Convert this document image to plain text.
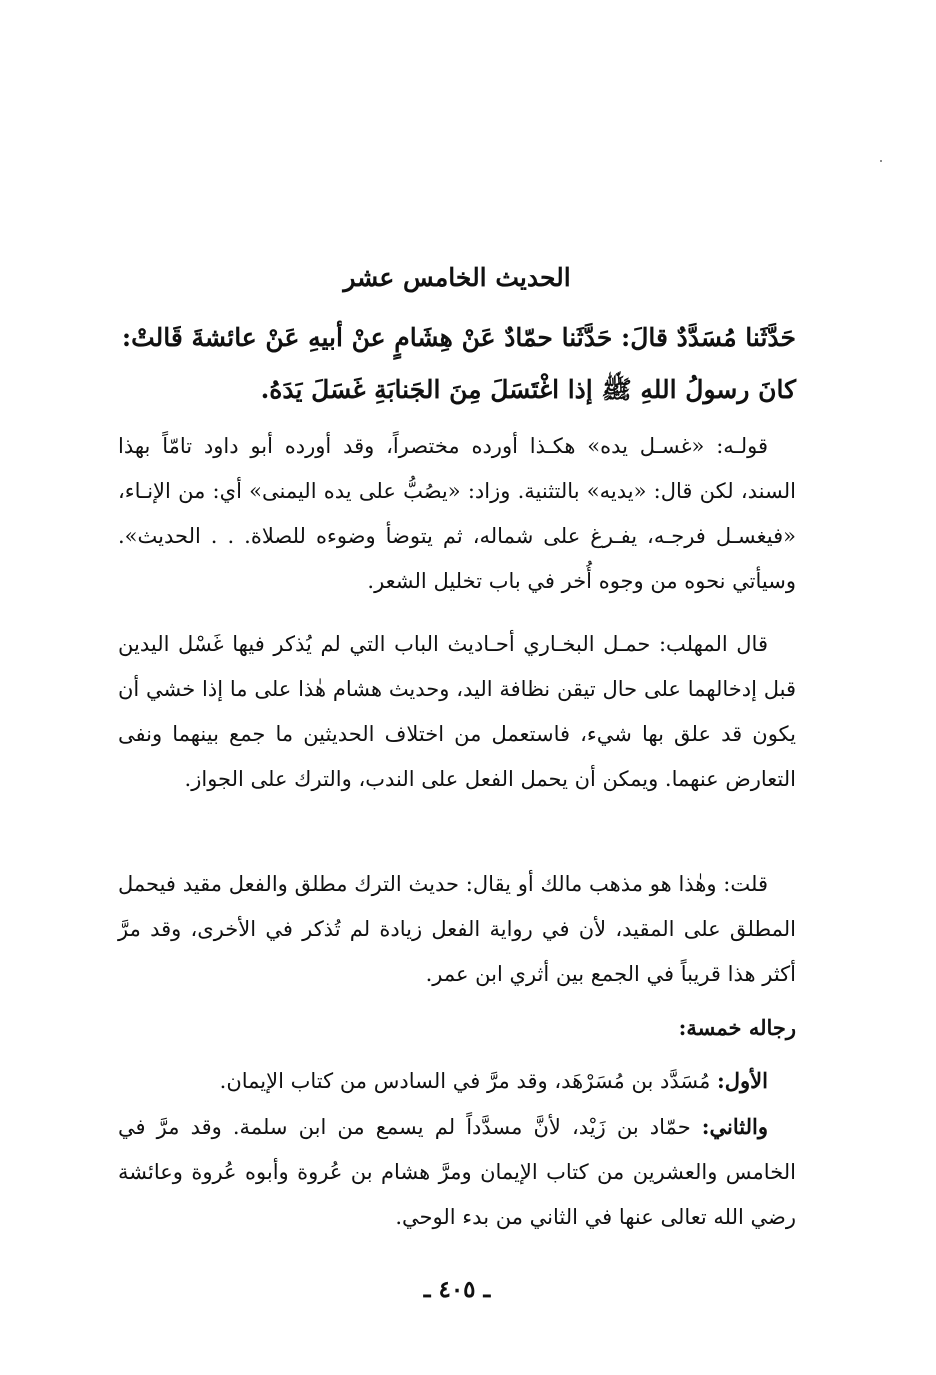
الحديث الخامس عشر

حَدَّثَنا مُسَدَّدٌ قالَ: حَدَّثَنا حمّادٌ عَنْ هِشَامٍ عنْ أبيهِ عَنْ عائشةَ قَالتْ:

كانَ رسولُ اللهِ ﷺ إذا اغْتَسَلَ مِنَ الجَنابَةِ غَسَلَ يَدَهُ.

قولـه: «غسـل يده» هكـذا أورده مختصراً، وقد أورده أبو داود تامّاً بهذا السند، لكن قال: «يديه» بالتثنية. وزاد: «يصُبُّ على يده اليمنى» أي: من الإنـاء، «فيغسـل فرجـه، يفـرغ على شماله، ثم يتوضأ وضوءه للصلاة. . . الحديث». وسيأتي نحوه من وجوه أُخر في باب تخليل الشعر.

قال المهلب: حمـل البخـاري أحـاديث الباب التي لم يُذكر فيها غَسْل اليدين قبل إدخالهما على حال تيقن نظافة اليد، وحديث هشام هٰذا على ما إذا خشي أن يكون قد علق بها شيء، فاستعمل من اختلاف الحديثين ما جمع بينهما ونفى التعارض عنهما. ويمكن أن يحمل الفعل على الندب، والترك على الجواز.

قلت: وهٰذا هو مذهب مالك أو يقال: حديث الترك مطلق والفعل مقيد فيحمل المطلق على المقيد، لأن في رواية الفعل زيادة لم تُذكر في الأخرى، وقد مرَّ أكثر هذا قريباً في الجمع بين أثري ابن عمر.

رجاله خمسة:

الأول: مُسَدَّد بن مُسَرْهَد، وقد مرَّ في السادس من كتاب الإيمان.

والثاني: حمّاد بن زَيْد، لأنَّ مسدَّداً لم يسمع من ابن سلمة. وقد مرَّ في الخامس والعشرين من كتاب الإيمان ومرَّ هشام بن عُروة وأبوه عُروة وعائشة رضي الله تعالى عنها في الثاني من بدء الوحي.

ـ ٤٠٥ ـ
